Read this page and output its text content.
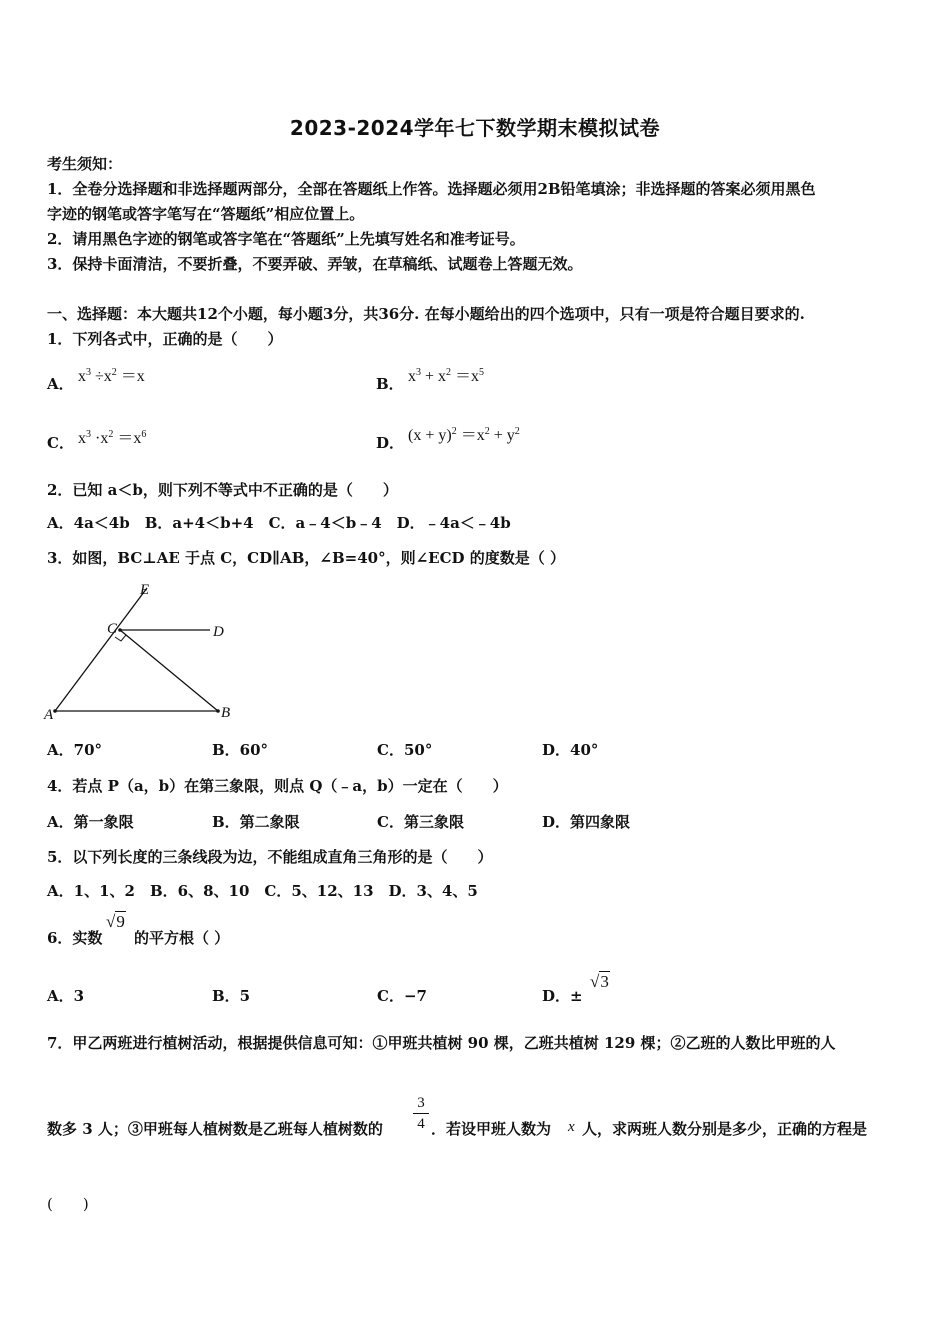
2023-2024学年七下数学期末模拟试卷
考生须知：
1．全卷分选择题和非选择题两部分，全部在答题纸上作答。选择题必须用2B铅笔填涂；非选择题的答案必须用黑色
字迹的钢笔或答字笔写在“答题纸”相应位置上。
2．请用黑色字迹的钢笔或答字笔在“答题纸”上先填写姓名和准考证号。
3．保持卡面清洁，不要折叠，不要弄破、弄皱，在草稿纸、试题卷上答题无效。
一、选择题：本大题共12个小题，每小题3分，共36分. 在每小题给出的四个选项中，只有一项是符合题目要求的.
1．下列各式中，正确的是（　　）
A． $x^3 \div x^2 =x$	B． $x^3 + x^2 =x^5$
C． $x^3 \cdot x^2 =x^6$	D． $(x + y)^2 =x^2 + y^2$
2．已知 a＜b，则下列不等式中不正确的是（　　）
A．4a＜4b　B．a+4＜b+4　C．a﹣4＜b﹣4　D．﹣4a＜﹣4b
3．如图，BC⊥AE 于点 C，CD∥AB，∠B=40°，则∠ECD 的度数是（ ）
E
C	D
A	B
A．70°	B．60°	C．50°	D．40°
4．若点 P（a，b）在第三象限，则点 Q（﹣a，b）一定在（　　）
A．第一象限	B．第二象限	C．第三象限	D．第四象限
5．以下列长度的三条线段为边，不能组成直角三角形的是（　　）
A．1、1、2　B．6、8、10　C．5、12、13　D．3、4、5
6．实数
√9
的平方根（ ）
A．3	B．5	C．−7	D．±
√3
7．甲乙两班进行植树活动，根据提供信息可知：①甲班共植树 90 棵，乙班共植树 129 棵；②乙班的人数比甲班的人
数多 3 人；③甲班每人植树数是乙班每人植树数的
3
4 ．若设甲班人数为 x 人，求两班人数分别是多少，正确的方程是
(　　)
